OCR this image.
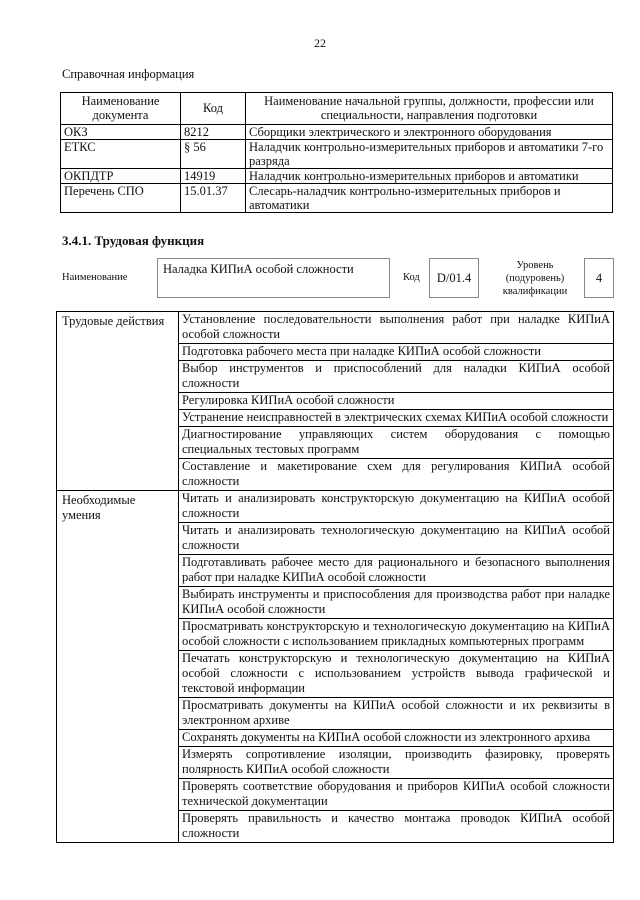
22
Справочная информация
Наименование документа	Код	Наименование начальной группы, должности, профессии или специальности, направления подготовки
ОКЗ	8212	Сборщики электрического и электронного оборудования
ЕТКС	§ 56	Наладчик контрольно-измерительных приборов и автоматики 7-го разряда
ОКПДТР	14919	Наладчик контрольно-измерительных приборов и автоматики
Перечень СПО	15.01.37	Слесарь-наладчик контрольно-измерительных приборов и автоматики
3.4.1. Трудовая функция
Наименование
Наладка КИПиА особой сложности
Код	D/01.4
Уровень (подуровень) квалификации
4
Трудовые действия	Установление последовательности выполнения работ при наладке КИПиА особой сложности
	Подготовка рабочего места при наладке КИПиА особой сложности
	Выбор инструментов и приспособлений для наладки КИПиА особой сложности
	Регулировка КИПиА особой сложности
	Устранение неисправностей в электрических схемах КИПиА особой сложности
	Диагностирование управляющих систем оборудования с помощью специальных тестовых программ
	Составление и макетирование схем для регулирования КИПиА особой сложности
Необходимые умения	Читать и анализировать конструкторскую документацию на КИПиА особой сложности
	Читать и анализировать технологическую документацию на КИПиА особой сложности
	Подготавливать рабочее место для рационального и безопасного выполнения работ при наладке КИПиА особой сложности
	Выбирать инструменты и приспособления для производства работ при наладке КИПиА особой сложности
	Просматривать конструкторскую и технологическую документацию на КИПиА особой сложности с использованием прикладных компьютерных программ
	Печатать конструкторскую и технологическую документацию на КИПиА особой сложности с использованием устройств вывода графической и текстовой информации
	Просматривать документы на КИПиА особой сложности и их реквизиты в электронном архиве
	Сохранять документы на КИПиА особой сложности из электронного архива
	Измерять сопротивление изоляции, производить фазировку, проверять полярность КИПиА особой сложности
	Проверять соответствие оборудования и приборов КИПиА особой сложности технической документации
	Проверять правильность и качество монтажа проводок КИПиА особой сложности
